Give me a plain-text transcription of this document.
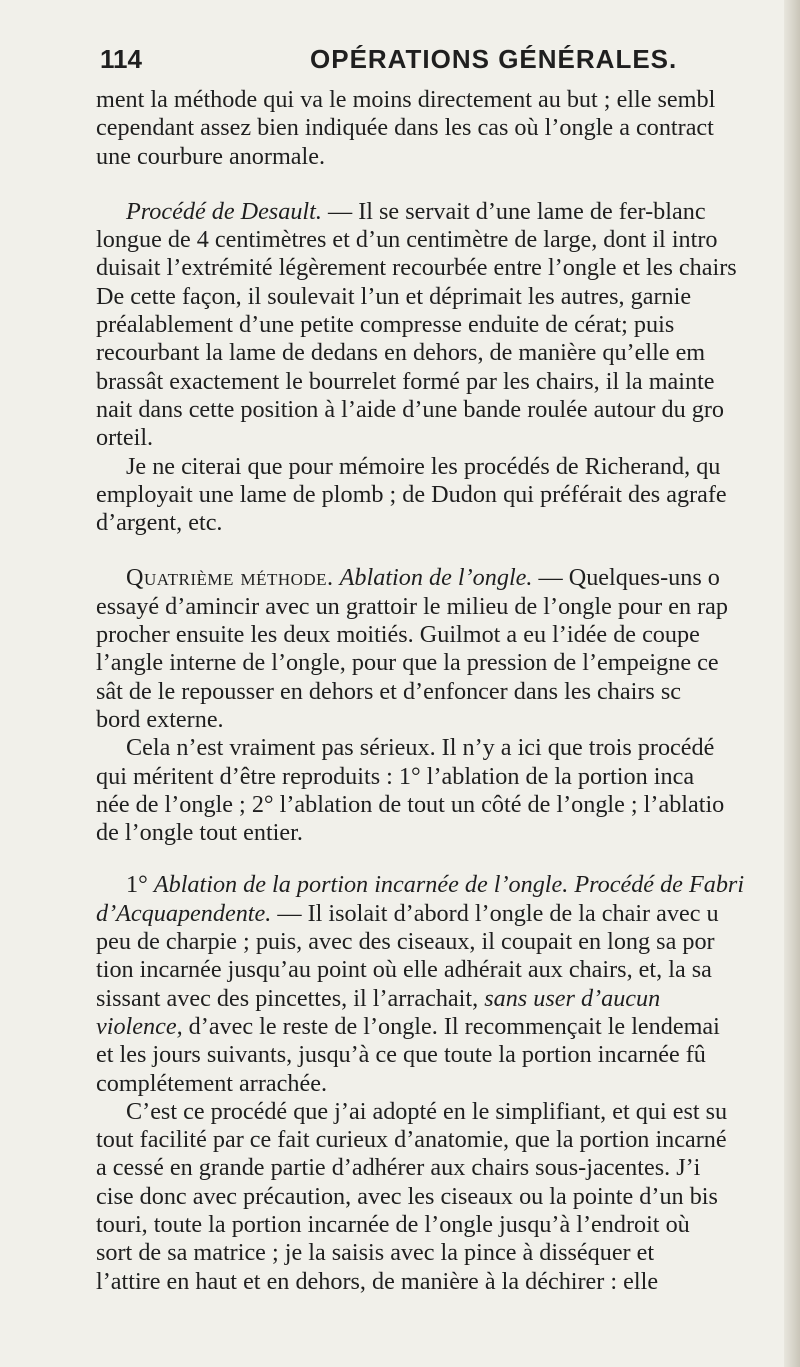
114	OPÉRATIONS GÉNÉRALES.
ment la méthode qui va le moins directement au but ; elle sembl
cependant assez bien indiquée dans les cas où l’ongle a contract
une courbure anormale.
Procédé de Desault. — Il se servait d’une lame de fer-blanc
longue de 4 centimètres et d’un centimètre de large, dont il intro
duisait l’extrémité légèrement recourbée entre l’ongle et les chairs
De cette façon, il soulevait l’un et déprimait les autres, garnie
préalablement d’une petite compresse enduite de cérat; puis
recourbant la lame de dedans en dehors, de manière qu’elle em
brassât exactement le bourrelet formé par les chairs, il la mainte
nait dans cette position à l’aide d’une bande roulée autour du gro
orteil.
Je ne citerai que pour mémoire les procédés de Richerand, qu
employait une lame de plomb ; de Dudon qui préférait des agrafe
d’argent, etc.
Quatrième méthode. Ablation de l’ongle. — Quelques-uns o
essayé d’amincir avec un grattoir le milieu de l’ongle pour en rap
procher ensuite les deux moitiés. Guilmot a eu l’idée de coupe
l’angle interne de l’ongle, pour que la pression de l’empeigne ce
sât de le repousser en dehors et d’enfoncer dans les chairs sc
bord externe.
Cela n’est vraiment pas sérieux. Il n’y a ici que trois procédé
qui méritent d’être reproduits : 1° l’ablation de la portion inca
née de l’ongle ; 2° l’ablation de tout un côté de l’ongle ; l’ablatio
de l’ongle tout entier.
1° Ablation de la portion incarnée de l’ongle. Procédé de Fabri
d’Acquapendente. — Il isolait d’abord l’ongle de la chair avec u
peu de charpie ; puis, avec des ciseaux, il coupait en long sa por
tion incarnée jusqu’au point où elle adhérait aux chairs, et, la sa
sissant avec des pincettes, il l’arrachait, sans user d’aucun
violence, d’avec le reste de l’ongle. Il recommençait le lendemai
et les jours suivants, jusqu’à ce que toute la portion incarnée fû
complétement arrachée.
C’est ce procédé que j’ai adopté en le simplifiant, et qui est su
tout facilité par ce fait curieux d’anatomie, que la portion incarné
a cessé en grande partie d’adhérer aux chairs sous-jacentes. J’i
cise donc avec précaution, avec les ciseaux ou la pointe d’un bis
touri, toute la portion incarnée de l’ongle jusqu’à l’endroit où
sort de sa matrice ; je la saisis avec la pince à disséquer et
l’attire en haut et en dehors, de manière à la déchirer : elle
